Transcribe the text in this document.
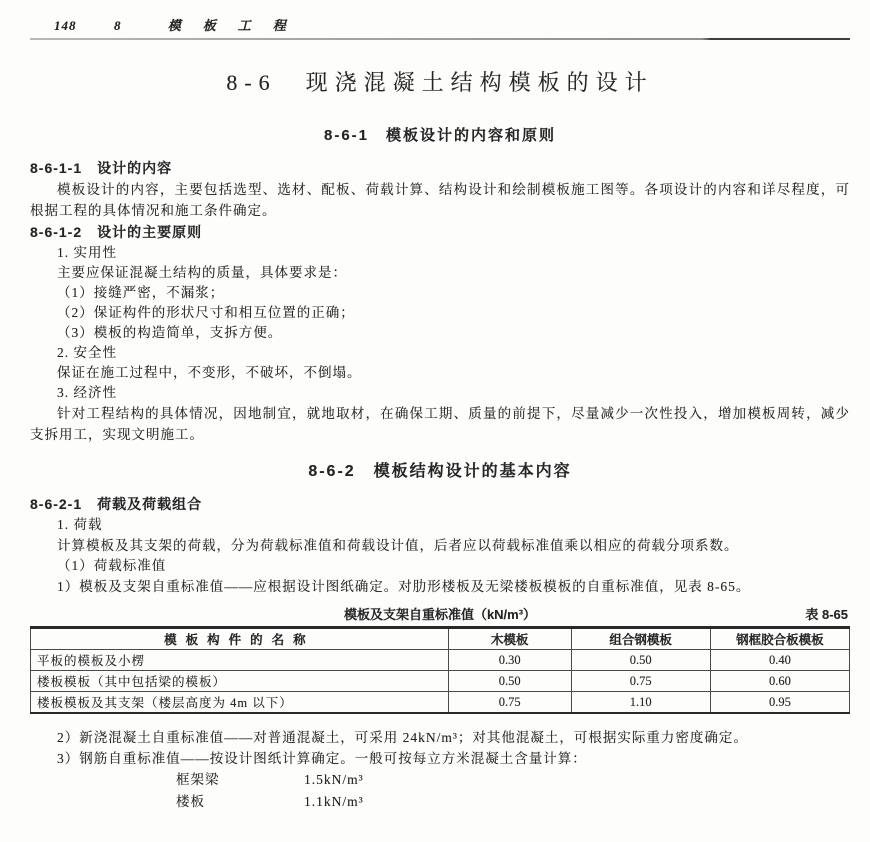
148	8 模板工程
8-6　现浇混凝土结构模板的设计
8-6-1　模板设计的内容和原则
8-6-1-1　设计的内容
模板设计的内容，主要包括选型、选材、配板、荷载计算、结构设计和绘制模板施工图等。各项设计的内容和详尽程度，可根据工程的具体情况和施工条件确定。
8-6-1-2　设计的主要原则
1. 实用性
主要应保证混凝土结构的质量，具体要求是：
（1）接缝严密，不漏浆；
（2）保证构件的形状尺寸和相互位置的正确；
（3）模板的构造简单，支拆方便。
2. 安全性
保证在施工过程中，不变形，不破坏，不倒塌。
3. 经济性
针对工程结构的具体情况，因地制宜，就地取材，在确保工期、质量的前提下，尽量减少一次性投入，增加模板周转，减少支拆用工，实现文明施工。
8-6-2　模板结构设计的基本内容
8-6-2-1　荷载及荷载组合
1. 荷载
计算模板及其支架的荷载，分为荷载标准值和荷载设计值，后者应以荷载标准值乘以相应的荷载分项系数。
（1）荷载标准值
1）模板及支架自重标准值——应根据设计图纸确定。对肋形楼板及无梁楼板模板的自重标准值，见表 8-65。
模板及支架自重标准值（kN/m³）	表 8-65
模板构件的名称	木模板	组合钢模板	钢框胶合板模板
平板的模板及小楞	0.30	0.50	0.40
楼板模板（其中包括梁的模板）	0.50	0.75	0.60
楼板模板及其支架（楼层高度为 4m 以下）	0.75	1.10	0.95
2）新浇混凝土自重标准值——对普通混凝土，可采用 24kN/m³；对其他混凝土，可根据实际重力密度确定。
3）钢筋自重标准值——按设计图纸计算确定。一般可按每立方米混凝土含量计算：
框架梁	1.5kN/m³
楼板	1.1kN/m³
